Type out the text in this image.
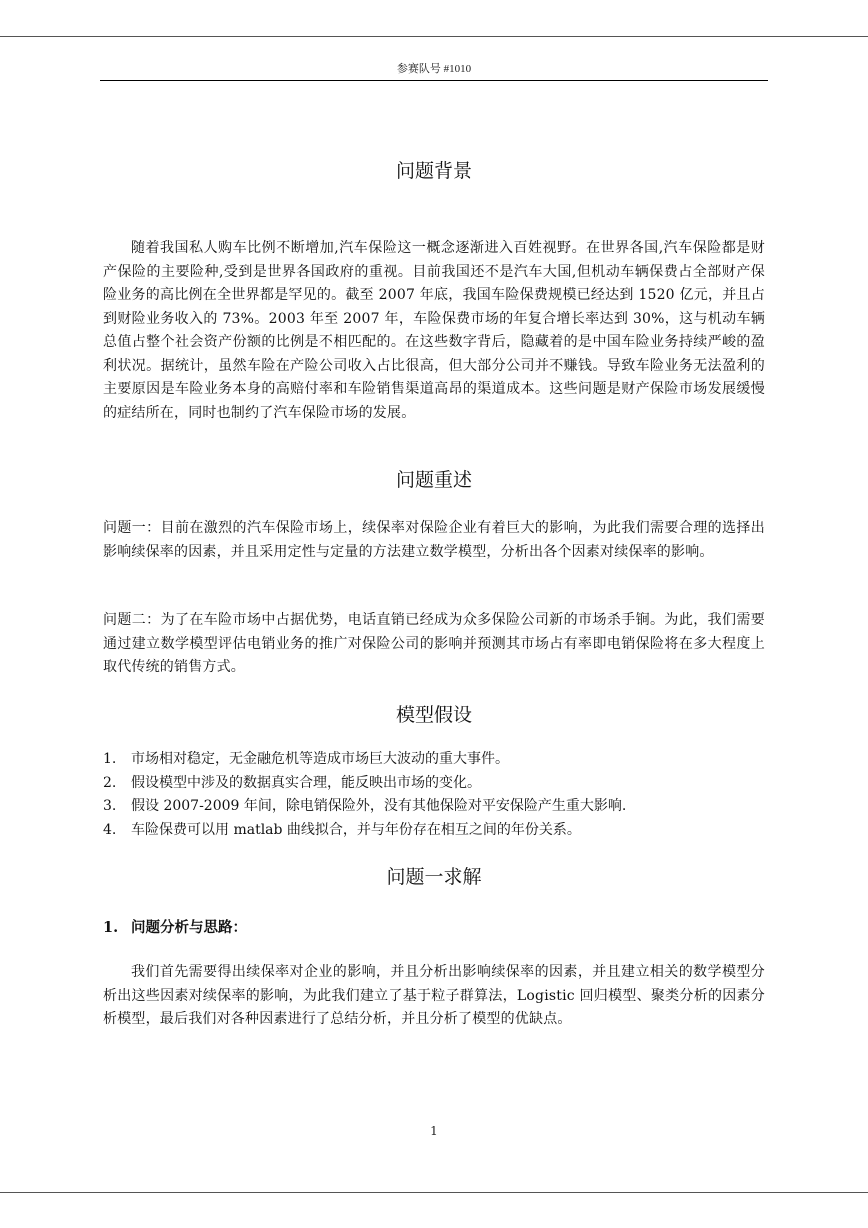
参赛队号 #1010
问题背景

随着我国私人购车比例不断增加,汽车保险这一概念逐渐进入百姓视野。在世界各国,汽车保险都是财产保险的主要险种,受到是世界各国政府的重视。目前我国还不是汽车大国,但机动车辆保费占全部财产保险业务的高比例在全世界都是罕见的。截至 2007 年底，我国车险保费规模已经达到 1520 亿元，并且占到财险业务收入的 73%。2003 年至 2007 年，车险保费市场的年复合增长率达到 30%，这与机动车辆总值占整个社会资产份额的比例是不相匹配的。在这些数字背后，隐藏着的是中国车险业务持续严峻的盈利状况。据统计，虽然车险在产险公司收入占比很高，但大部分公司并不赚钱。导致车险业务无法盈利的主要原因是车险业务本身的高赔付率和车险销售渠道高昂的渠道成本。这些问题是财产保险市场发展缓慢的症结所在，同时也制约了汽车保险市场的发展。

问题重述

问题一：目前在激烈的汽车保险市场上，续保率对保险企业有着巨大的影响，为此我们需要合理的选择出影响续保率的因素，并且采用定性与定量的方法建立数学模型，分析出各个因素对续保率的影响。

问题二：为了在车险市场中占据优势，电话直销已经成为众多保险公司新的市场杀手锏。为此，我们需要通过建立数学模型评估电销业务的推广对保险公司的影响并预测其市场占有率即电销保险将在多大程度上取代传统的销售方式。

模型假设
1.	市场相对稳定，无金融危机等造成市场巨大波动的重大事件。
2.	假设模型中涉及的数据真实合理，能反映出市场的变化。
3.	假设 2007-2009 年间，除电销保险外，没有其他保险对平安保险产生重大影响.
4.	车险保费可以用 matlab 曲线拟合，并与年份存在相互之间的年份关系。
问题一求解
1. 问题分析与思路：

我们首先需要得出续保率对企业的影响，并且分析出影响续保率的因素，并且建立相关的数学模型分析出这些因素对续保率的影响，为此我们建立了基于粒子群算法，Logistic 回归模型、聚类分析的因素分析模型，最后我们对各种因素进行了总结分析，并且分析了模型的优缺点。

1
